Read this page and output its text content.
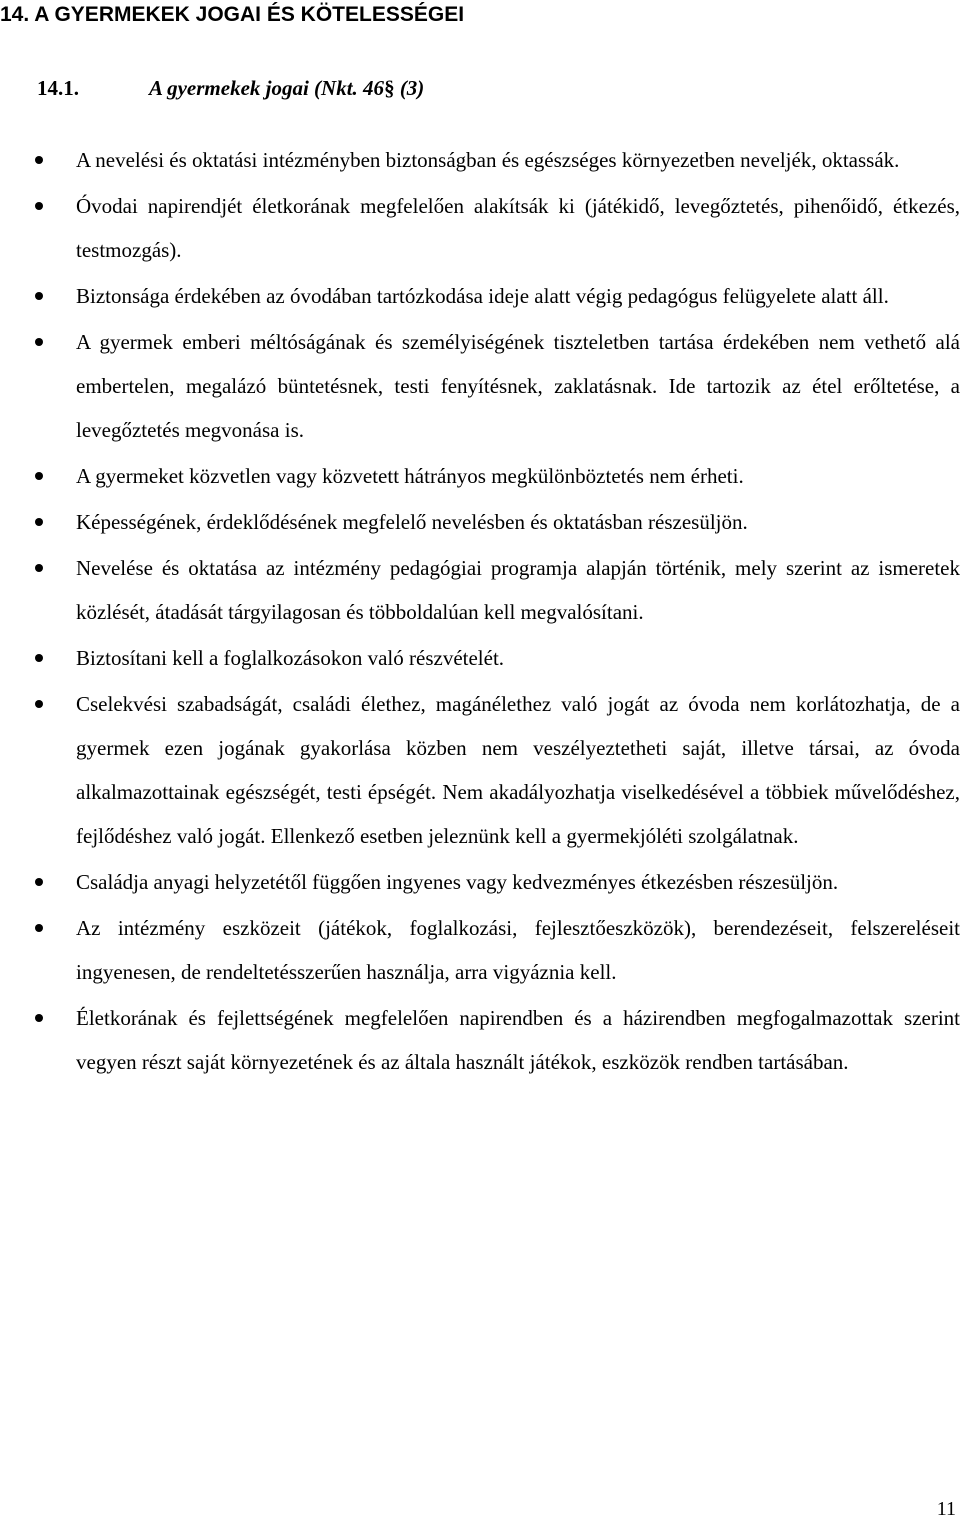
14. A GYERMEKEK JOGAI ÉS KÖTELESSÉGEI
14.1.	A gyermekek jogai (Nkt. 46§ (3)
A nevelési és oktatási intézményben biztonságban és egészséges környezetben neveljék, oktassák.
Óvodai napirendjét életkorának megfelelően alakítsák ki (játékidő, levegőztetés, pihenőidő, étkezés, testmozgás).
Biztonsága érdekében az óvodában tartózkodása ideje alatt végig pedagógus felügyelete alatt áll.
A gyermek emberi méltóságának és személyiségének tiszteletben tartása érdekében nem vethető alá embertelen, megalázó büntetésnek, testi fenyítésnek, zaklatásnak. Ide tartozik az étel erőltetése, a levegőztetés megvonása is.
A gyermeket közvetlen vagy közvetett hátrányos megkülönböztetés nem érheti.
Képességének, érdeklődésének megfelelő nevelésben és oktatásban részesüljön.
Nevelése és oktatása az intézmény pedagógiai programja alapján történik, mely szerint az ismeretek közlését, átadását tárgyilagosan és többoldalúan kell megvalósítani.
Biztosítani kell a foglalkozásokon való részvételét.
Cselekvési szabadságát, családi élethez, magánélethez való jogát az óvoda nem korlátozhatja, de a gyermek ezen jogának gyakorlása közben nem veszélyeztetheti saját, illetve társai, az óvoda alkalmazottainak egészségét, testi épségét. Nem akadályozhatja viselkedésével a többiek művelődéshez, fejlődéshez való jogát. Ellenkező esetben jeleznünk kell a gyermekjóléti szolgálatnak.
Családja anyagi helyzetétől függően ingyenes vagy kedvezményes étkezésben részesüljön.
Az intézmény eszközeit (játékok, foglalkozási, fejlesztőeszközök), berendezéseit, felszereléseit ingyenesen, de rendeltetésszerűen használja, arra vigyáznia kell.
Életkorának és fejlettségének megfelelően napirendben és a házirendben megfogalmazottak szerint vegyen részt saját környezetének és az általa használt játékok, eszközök rendben tartásában.

11
